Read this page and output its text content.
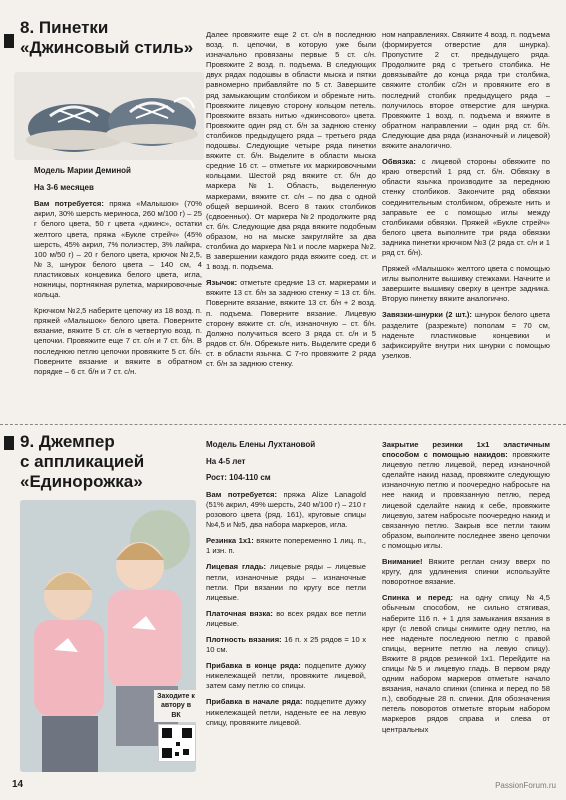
8. Пинетки
«Джинсовый стиль»
Модель Марии Деминой
На 3-6 месяцев

Вам потребуется: пряжа «Малышок» (70% акрил, 30% шерсть мериноса, 260 м/100 г) – 25 г белого цвета, 50 г цвета «джинс», остатки желтого цвета, пряжа «Букле стрейч» (45% шерсть, 45% акрил, 7% полиэстер, 3% лайкра, 100 м/50 г) – 20 г белого цвета, крючок №2,5, №3, шнурок белого цвета – 140 см, 4 пластиковых концевика белого цвета, игла, ножницы, портняжная рулетка, маркировочные кольца.

Крючком №2,5 наберите цепочку из 18 возд. п. пряжей «Малышок» белого цвета. Поверните вязание, вяжите 5 ст. с/н в четвертую возд. п. цепочки. Провяжите еще 7 ст. с/н и 7 ст. б/н. В последнюю петлю цепочки провяжите 5 ст. б/н. Поверните вязание и вяжите в обратном порядке – 6 ст. б/н и 7 ст. с/н.

Далее провяжите еще 2 ст. с/н в последнюю возд. п. цепочки, в которую уже были изначально провязаны первые 5 ст. с/н. Провяжите 2 возд. п. подъема. В следующих двух рядах подошвы в области мыска и пятки равномерно прибавляйте по 5 ст. Завершите ряд замыкающим столбиком и обрежьте нить. Провяжите лицевую сторону кольцом петель. Провяжите вязать нитью «джинсового» цвета. Провяжите один ряд ст. б/н за заднюю стенку столбиков предыдущего ряда – третьего ряда подошвы. Следующие четыре ряда пинетки вяжите ст. б/н. Выделите в области мыска средние 16 ст. – отметьте их маркировочными кольцами. Шестой ряд вяжите ст. б/н до маркера №1. Область, выделенную маркерами, вяжите ст. с/н – по два с одной общей вершиной. Всего 8 таких столбиков (сдвоенных). От маркера №2 продолжите ряд ст. б/н. Следующие два ряда вяжите подобным образом, но на мыске закругляйте за два столбика до маркера №1 и после маркера №2. В завершении каждого ряда вяжите соед. ст. и 1 возд. п. подъема.

Язычок: отметьте средние 13 ст. маркерами и вяжите 13 ст. б/н за заднюю стенку = 13 ст. б/н. Поверните вязание, вяжите 13 ст. б/н + 2 возд. п. подъема. Поверните вязание. Лицевую сторону вяжите ст. с/н, изнаночную – ст. б/н. Должно получиться всего 3 ряда ст. с/н и 5 рядов ст. б/н. Обрежьте нить. Выделите среди 6 ст. в области язычка. С 7-го провяжите 2 ряда ст. б/н за заднюю стенку.

ном направлениях. Свяжите 4 возд. п. подъема (формируется отверстие для шнурка). Пропустите 2 ст. предыдущего ряда. Продолжите ряд с третьего столбика. Не довязывайте до конца ряда три столбика, свяжите столбик с/2н и провяжите его в последний столбик предыдущего ряда – получилось второе отверстие для шнурка. Провяжите 1 возд. п. подъема и вяжите в обратном направлении – один ряд ст. б/н. Следующие два ряда (изнаночный и лицевой) вяжите аналогично.

Обвязка: с лицевой стороны обвяжите по краю отверстий 1 ряд ст. б/н. Обвязку в области язычка производите за переднюю стенку столбиков. Закончите ряд обвязки соединительным столбиком, обрежьте нить и заправьте ее с помощью иглы между столбиками обвязки. Пряжей «Букле стрейч» белого цвета выполните три ряда обвязки задника пинетки крючком №3 (2 ряда ст. с/н и 1 ряд ст. б/н).

Пряжей «Малышок» желтого цвета с помощью иглы выполните вышивку стежками. Начните и завершите вышивку сверху в центре задника. Вторую пинетку вяжите аналогично.

Завязки-шнурки (2 шт.): шнурок белого цвета разделите (разрежьте) пополам = 70 см, наденьте пластиковые концевики и зафиксируйте внутри них шнурки с помощью узелков.

9. Джемпер
с аппликацией
«Единорожка»
Заходите к автору в ВК
Модель Елены Лухтановой
На 4-5 лет
Рост: 104-110 см

Вам потребуется: пряжа Alize Lanagold (51% акрил, 49% шерсть, 240 м/100 г) – 210 г розового цвета (ряд. 161), круговые спицы №4,5 и №5, два набора маркеров, игла.

Резинка 1x1: вяжите попеременно 1 лиц. п., 1 изн. п.

Лицевая гладь: лицевые ряды – лицевые петли, изнаночные ряды – изнаночные петли. При вязании по кругу все петли лицевые.

Платочная вязка: во всех рядах все петли лицевые.

Плотность вязания: 16 п. х 25 рядов = 10 х 10 см.

Прибавка в конце ряда: подцепите дужку нижележащей петли, провяжите лицевой, затем саму петлю со спицы.

Прибавка в начале ряда: подцепите дужку нижележащей петли, наденьте ее на левую спицу, провяжите лицевой.

Закрытие резинки 1x1 эластичным способом с помощью накидов: провяжите лицевую петлю лицевой, перед изнаночной сделайте накид назад, провяжите следующую изнаночную петлю и поочередно набросьте на нее накид и провязанную петлю, перед лицевой сделайте накид к себе, провяжите лицевую, затем набросьте поочередно накид и связанную петлю. Закрыв все петли таким образом, выполните последнее звено цепочки с помощью иглы.

Внимание! Вяжите реглан снизу вверх по кругу, для удлинения спинки используйте поворотное вязание.

Спинка и перед: на одну спицу №4,5 обычным способом, не сильно стягивая, наберите 116 п. + 1 для замыкания вязания в круг (с левой спицы снимите одну петлю, на нее наденьте последнюю петлю с правой спицы, верните петлю на левую спицу). Вяжите 8 рядов резинкой 1x1. Перейдите на спицы №5 и лицевую гладь. В первом ряду одним набором маркеров отметьте начало вязания, начало спинки (спинка и перед по 58 п.), свободные 28 п. спинки. Для обозначения петель поворотов отметьте вторым набором маркеров рядов справа и слева от центральных

14	PassionForum.ru
